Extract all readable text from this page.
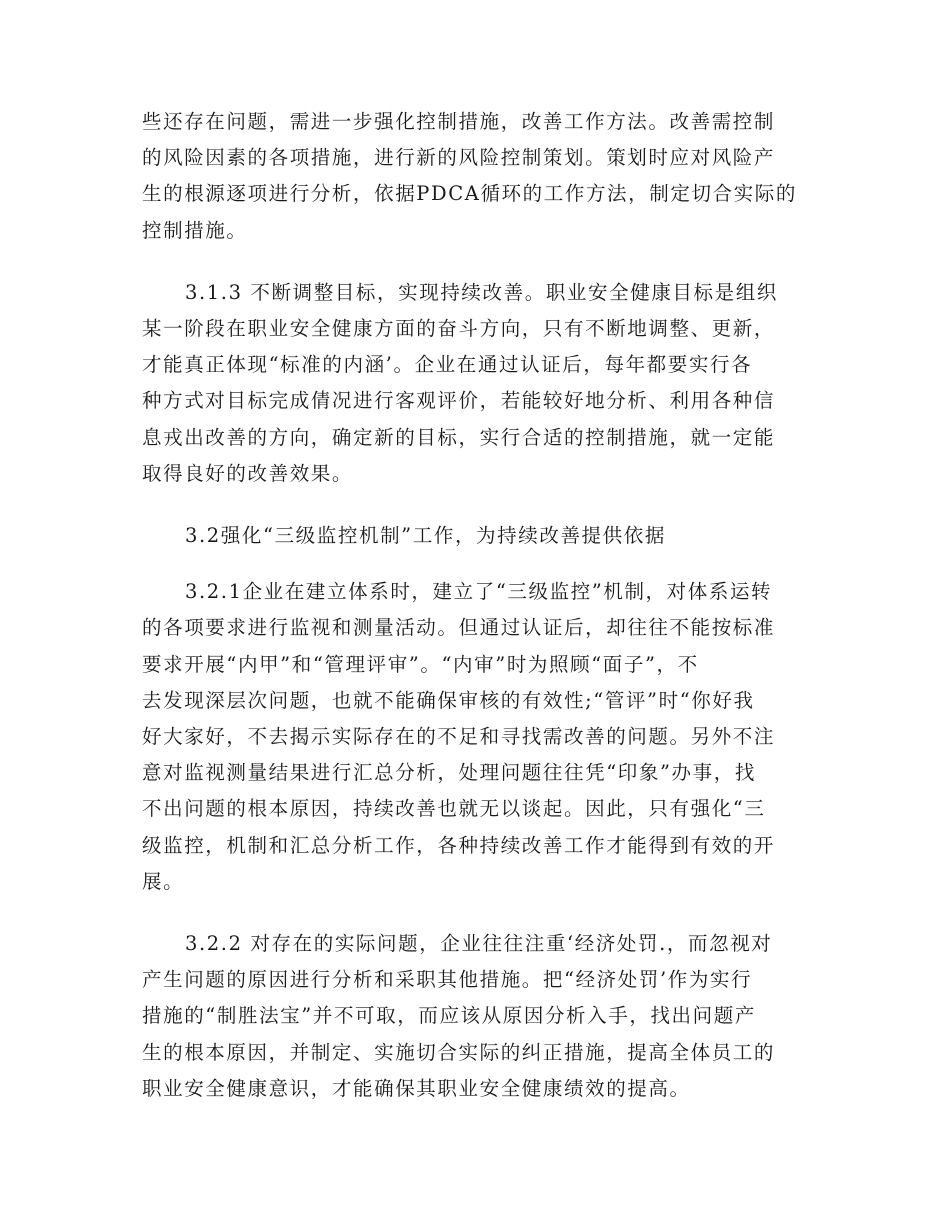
些还存在问题，需进一步强化控制措施，改善工作方法。改善需控制
的风险因素的各项措施，进行新的风险控制策划。策划时应对风险产
生的根源逐项进行分析，依据PDCA循环的工作方法，制定切合实际的
控制措施。

3.1.3 不断调整目标，实现持续改善。职业安全健康目标是组织
某一阶段在职业安全健康方面的奋斗方向，只有不断地调整、更新，
才能真正体现“标准的内涵’。企业在通过认证后，每年都要实行各
种方式对目标完成倩况进行客观评价，若能较好地分析、利用各种信
息戎出改善的方向，确定新的目标，实行合适的控制措施，就一定能
取得良好的改善效果。

3.2强化“三级监控机制”工作，为持续改善提供依据

3.2.1企业在建立体系时，建立了“三级监控”机制，对体系运转
的各项要求进行监视和测量活动。但通过认证后，却往往不能按标准
要求开展“内甲”和“管理评审”。“内审”时为照顾“面子”，不
去发现深层次问题，也就不能确保审核的有效性;“管评”时“你好我
好大家好，不去揭示实际存在的不足和寻找需改善的问题。另外不注
意对监视测量结果进行汇总分析，处理问题往往凭“印象”办事，找
不出问题的根本原因，持续改善也就无以谈起。因此，只有强化“三
级监控，机制和汇总分析工作，各种持续改善工作才能得到有效的开
展。

3.2.2 对存在的实际问题，企业往往注重‘经济处罚.，而忽视对
产生问题的原因进行分析和采职其他措施。把“经济处罚’作为实行
措施的“制胜法宝”并不可取，而应该从原因分析入手，找出问题产
生的根本原因，并制定、实施切合实际的纠正措施，提高全体员工的
职业安全健康意识，才能确保其职业安全健康绩效的提高。
